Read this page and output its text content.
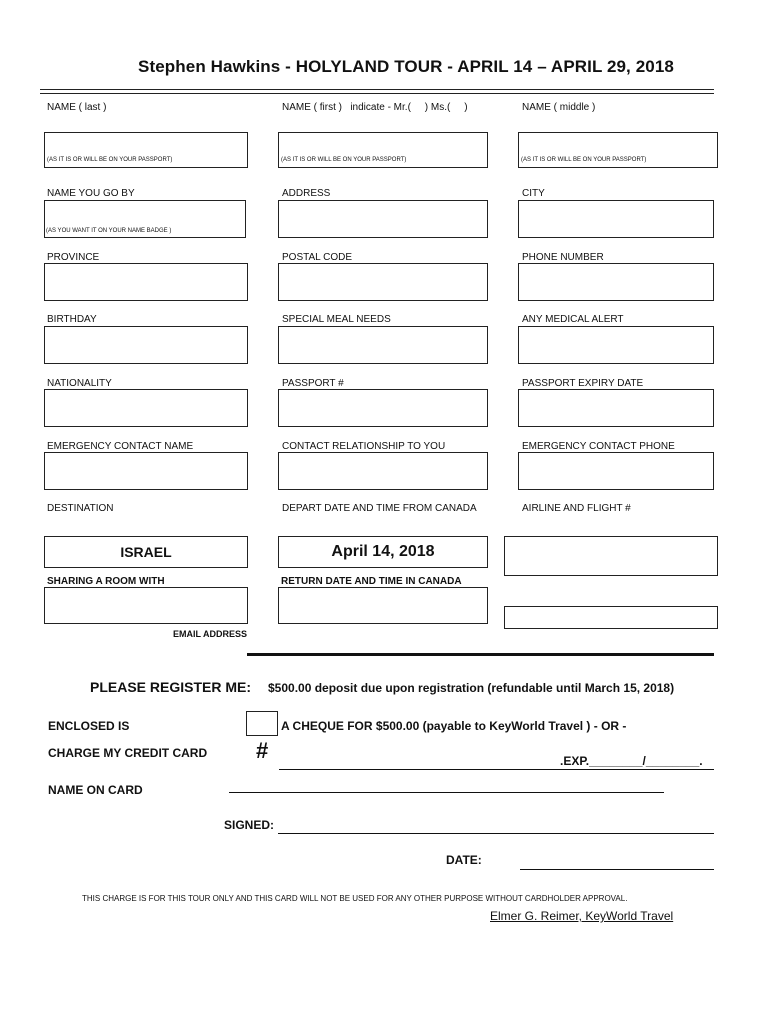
Stephen Hawkins - HOLYLAND TOUR - APRIL 14 – APRIL 29, 2018
NAME ( last )	NAME ( first )   indicate - Mr.(     ) Ms.(     )	NAME ( middle )
(AS IT IS OR WILL BE ON YOUR PASSPORT)	(AS IT IS OR WILL BE ON YOUR PASSPORT)	(AS IT IS OR WILL BE ON YOUR PASSPORT)
NAME YOU GO BY	ADDRESS	CITY
(AS YOU WANT IT ON YOUR NAME BADGE )
PROVINCE	POSTAL CODE	PHONE NUMBER
BIRTHDAY	SPECIAL MEAL NEEDS	ANY MEDICAL ALERT
NATIONALITY	PASSPORT #	PASSPORT EXPIRY DATE
EMERGENCY CONTACT NAME	CONTACT RELATIONSHIP TO YOU	EMERGENCY CONTACT PHONE
DESTINATION	DEPART DATE AND TIME FROM CANADA	AIRLINE AND FLIGHT #
ISRAEL	April 14, 2018
SHARING A ROOM WITH	RETURN DATE AND TIME IN CANADA
EMAIL ADDRESS
PLEASE REGISTER ME: $500.00 deposit due upon registration (refundable until March 15, 2018)
ENCLOSED IS	A CHEQUE FOR $500.00 (payable to KeyWorld Travel ) - OR -
CHARGE MY CREDIT CARD #	.EXP.________/________.
NAME ON CARD
SIGNED:
DATE:
THIS CHARGE IS FOR THIS TOUR ONLY AND THIS CARD WILL NOT BE USED FOR ANY OTHER PURPOSE WITHOUT CARDHOLDER APPROVAL.
Elmer G. Reimer, KeyWorld Travel
